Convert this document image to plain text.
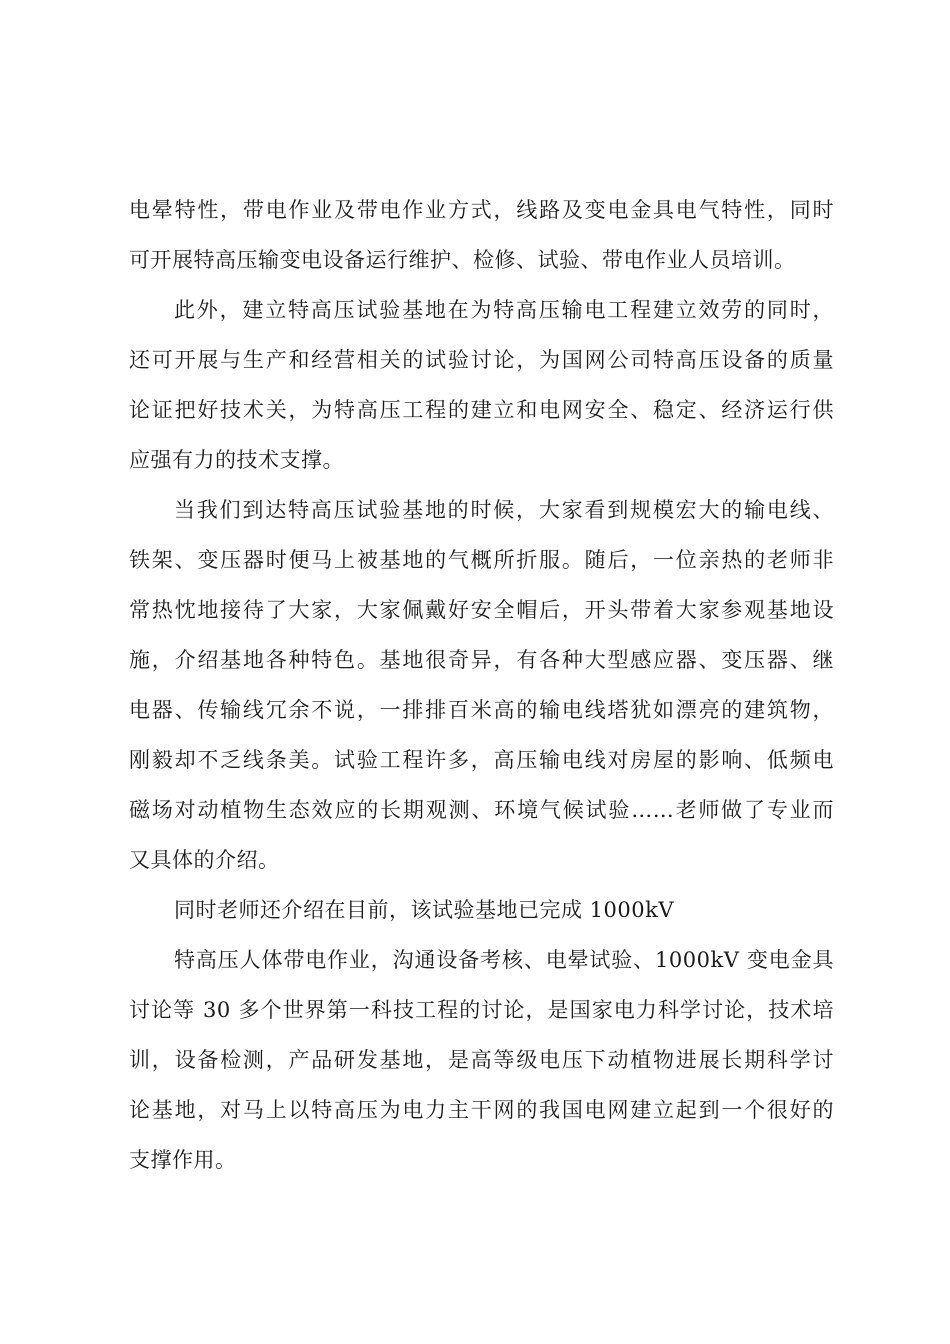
电晕特性，带电作业及带电作业方式，线路及变电金具电气特性，同时
可开展特高压输变电设备运行维护、检修、试验、带电作业人员培训。
此外，建立特高压试验基地在为特高压输电工程建立效劳的同时，
还可开展与生产和经营相关的试验讨论，为国网公司特高压设备的质量
论证把好技术关，为特高压工程的建立和电网安全、稳定、经济运行供
应强有力的技术支撑。
当我们到达特高压试验基地的时候，大家看到规模宏大的输电线、
铁架、变压器时便马上被基地的气概所折服。随后，一位亲热的老师非
常热忱地接待了大家，大家佩戴好安全帽后，开头带着大家参观基地设
施，介绍基地各种特色。基地很奇异，有各种大型感应器、变压器、继
电器、传输线冗余不说，一排排百米高的输电线塔犹如漂亮的建筑物，
刚毅却不乏线条美。试验工程许多，高压输电线对房屋的影响、低频电
磁场对动植物生态效应的长期观测、环境气候试验……老师做了专业而
又具体的介绍。
同时老师还介绍在目前，该试验基地已完成 1000kV
特高压人体带电作业，沟通设备考核、电晕试验、1000kV 变电金具
讨论等 30 多个世界第一科技工程的讨论，是国家电力科学讨论，技术培
训，设备检测，产品研发基地，是高等级电压下动植物进展长期科学讨
论基地，对马上以特高压为电力主干网的我国电网建立起到一个很好的
支撑作用。
